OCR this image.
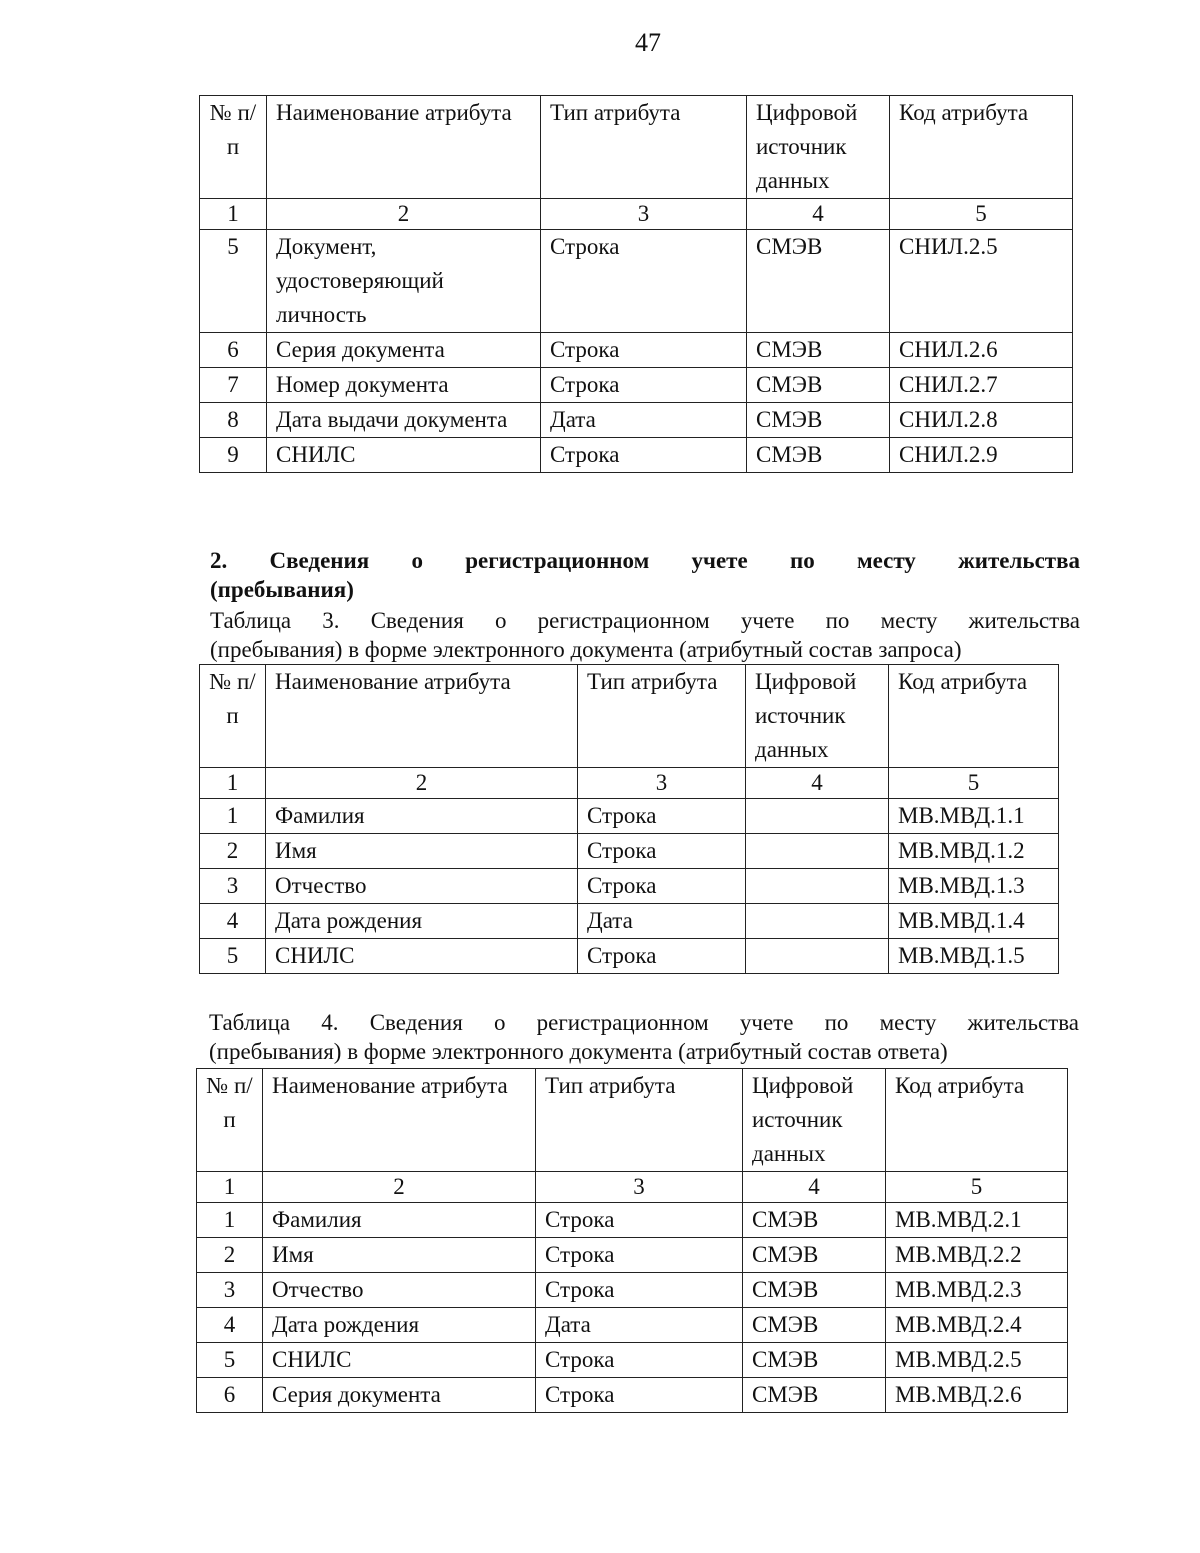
47
№ п/п	Наименование атрибута	Тип атрибута	Цифровой источник данных	Код атрибута
1	2	3	4	5
5	Документ, удостоверяющий личность	Строка	СМЭВ	СНИЛ.2.5
6	Серия документа	Строка	СМЭВ	СНИЛ.2.6
7	Номер документа	Строка	СМЭВ	СНИЛ.2.7
8	Дата выдачи документа	Дата	СМЭВ	СНИЛ.2.8
9	СНИЛС	Строка	СМЭВ	СНИЛ.2.9
2. Сведения о регистрационном учете по месту жительства
(пребывания)
Таблица 3. Сведения о регистрационном учете по месту жительства
(пребывания) в форме электронного документа (атрибутный состав запроса)
№ п/п	Наименование атрибута	Тип атрибута	Цифровой источник данных	Код атрибута
1	2	3	4	5
1	Фамилия	Строка		МВ.МВД.1.1
2	Имя	Строка		МВ.МВД.1.2
3	Отчество	Строка		МВ.МВД.1.3
4	Дата рождения	Дата		МВ.МВД.1.4
5	СНИЛС	Строка		МВ.МВД.1.5
Таблица 4. Сведения о регистрационном учете по месту жительства
(пребывания) в форме электронного документа (атрибутный состав ответа)
№ п/п	Наименование атрибута	Тип атрибута	Цифровой источник данных	Код атрибута
1	2	3	4	5
1	Фамилия	Строка	СМЭВ	МВ.МВД.2.1
2	Имя	Строка	СМЭВ	МВ.МВД.2.2
3	Отчество	Строка	СМЭВ	МВ.МВД.2.3
4	Дата рождения	Дата	СМЭВ	МВ.МВД.2.4
5	СНИЛС	Строка	СМЭВ	МВ.МВД.2.5
6	Серия документа	Строка	СМЭВ	МВ.МВД.2.6
